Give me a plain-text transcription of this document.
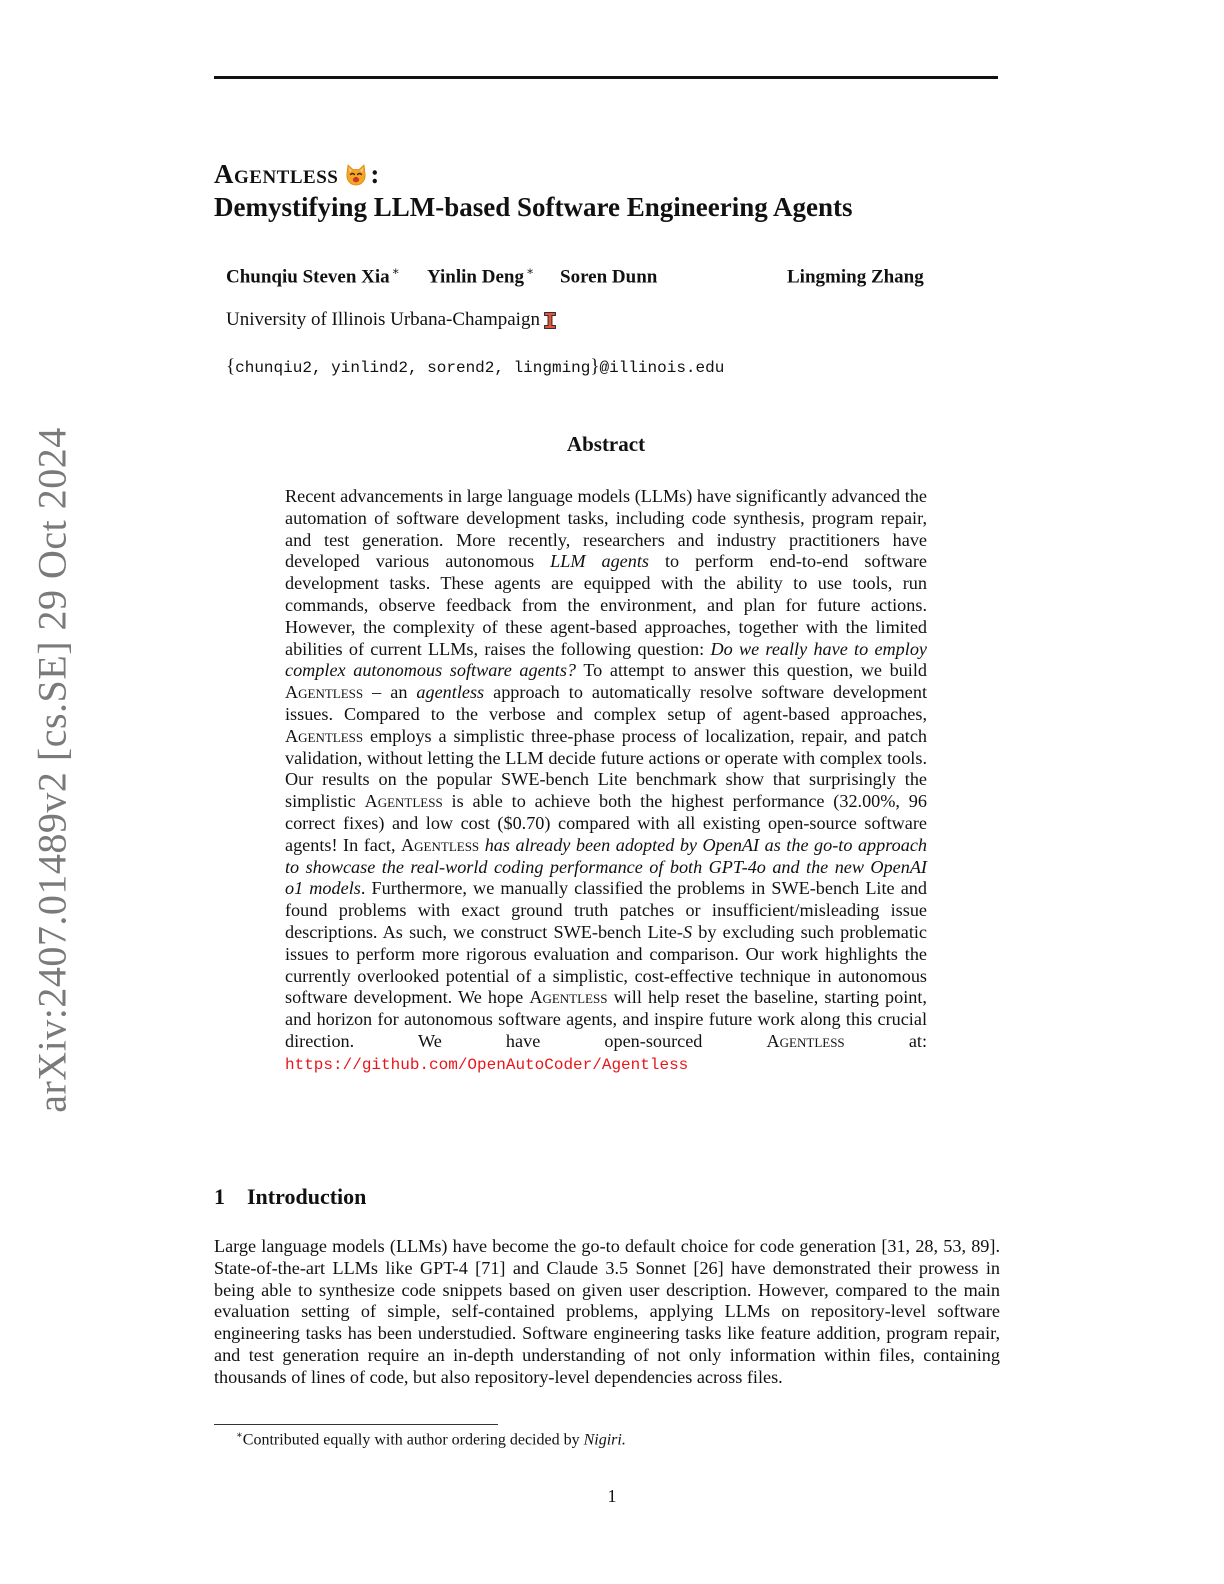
arXiv:2407.01489v2 [cs.SE] 29 Oct 2024
Agentless :
Demystifying LLM-based Software Engineering Agents
Chunqiu Steven Xia ∗ Yinlin Deng ∗ Soren Dunn	Lingming Zhang
University of Illinois Urbana-Champaign
{chunqiu2, yinlind2, sorend2, lingming}@illinois.edu
Abstract
Recent advancements in large language models (LLMs) have significantly advanced the automation of software development tasks, including code synthesis, program repair, and test generation. More recently, researchers and industry practitioners have developed various autonomous LLM agents to perform end-to-end software development tasks. These agents are equipped with the ability to use tools, run commands, observe feedback from the environment, and plan for future actions. However, the complexity of these agent-based approaches, together with the limited abilities of current LLMs, raises the following question: Do we really have to employ complex autonomous software agents? To attempt to answer this question, we build Agentless – an agentless approach to automatically resolve software development issues. Compared to the verbose and complex setup of agent-based approaches, Agentless employs a simplistic three-phase process of localization, repair, and patch validation, without letting the LLM decide future actions or operate with complex tools. Our results on the popular SWE-bench Lite benchmark show that surprisingly the simplistic Agentless is able to achieve both the highest performance (32.00%, 96 correct fixes) and low cost ($0.70) compared with all existing open-source software agents! In fact, Agentless has already been adopted by OpenAI as the go-to approach to showcase the real-world coding performance of both GPT-4o and the new OpenAI o1 models. Furthermore, we manually classified the problems in SWE-bench Lite and found problems with exact ground truth patches or insufficient/misleading issue descriptions. As such, we construct SWE-bench Lite-S by excluding such problematic issues to perform more rigorous evaluation and comparison. Our work highlights the currently overlooked potential of a simplistic, cost-effective technique in autonomous software development. We hope Agentless will help reset the baseline, starting point, and horizon for autonomous software agents, and inspire future work along this crucial direction. We have open-sourced Agentless at: https://github.com/OpenAutoCoder/Agentless
1 Introduction
Large language models (LLMs) have become the go-to default choice for code generation [31, 28, 53, 89]. State-of-the-art LLMs like GPT-4 [71] and Claude 3.5 Sonnet [26] have demonstrated their prowess in being able to synthesize code snippets based on given user description. However, compared to the main evaluation setting of simple, self-contained problems, applying LLMs on repository-level software engineering tasks has been understudied. Software engineering tasks like feature addition, program repair, and test generation require an in-depth understanding of not only information within files, containing thousands of lines of code, but also repository-level dependencies across files.
∗Contributed equally with author ordering decided by Nigiri.
1
